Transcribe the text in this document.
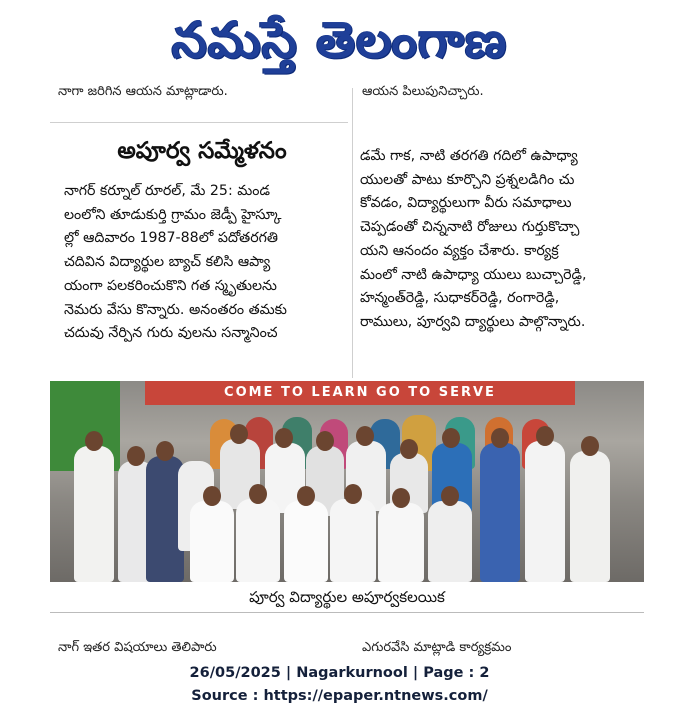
నమస్తే తెలంగాణ
నాగా జరిగిన ఆయన మాట్లాడారు.	ఆయన పిలుపునిచ్చారు.
అపూర్వ సమ్మేళనం
నాగర్ కర్నూల్ రూరల్, మే 25: మండ
లంలోని తూడుకుర్తి గ్రామం జెడ్పీ హైస్కూ
ల్లో ఆదివారం 1987-88లో పదోతరగతి
చదివిన విద్యార్థుల బ్యాచ్ కలిసి ఆప్యా
యంగా పలకరించుకొని గత స్మృతులను
నెమరు వేసు కొన్నారు. అనంతరం తమకు
చదువు నేర్పిన గురు వులను సన్మానించ
డమే గాక, నాటి తరగతి గదిలో ఉపాధ్యా
యులతో పాటు కూర్చొని ప్రశ్నలడిగిం చు
కోవడం, విద్యార్థులుగా వీరు సమాధాలు
చెప్పడంతో చిన్ననాటి రోజులు గుర్తుకొచ్చా
యని ఆనందం వ్యక్తం చేశారు. కార్యక్ర
మంలో నాటి ఉపాధ్యా యులు బుచ్చారెడ్డి,
హన్మంత్‌రెడ్డి, సుధాకర్‌రెడ్డి, రంగారెడ్డి,
రాములు, పూర్వవి ద్యార్థులు పాల్గొన్నారు.
COME TO LEARN GO TO SERVE
పూర్వ విద్యార్థుల అపూర్వకలయిక
నాగ్ ఇతర విషయాలు తెలిపారు	ఎగురవేసి మాట్లాడి కార్యక్రమం
26/05/2025 | Nagarkurnool | Page : 2
Source : https://epaper.ntnews.com/
